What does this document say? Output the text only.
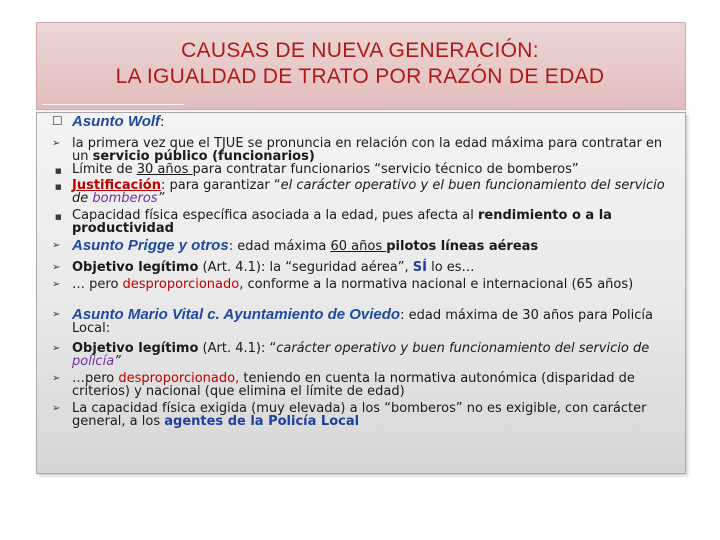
CAUSAS DE NUEVA GENERACIÓN:
LA IGUALDAD DE TRATO POR RAZÓN DE EDAD
☐ Asunto Wolf:
➢ la primera vez que el TJUE se pronuncia en relación con la edad máxima para contratar en un servicio público (funcionarios)
■ Límite de 30 años para contratar funcionarios “servicio técnico de bomberos”
■ Justificación: para garantizar “el carácter operativo y el buen funcionamiento del servicio de bomberos”
■ Capacidad física específica asociada a la edad, pues afecta al rendimiento o a la productividad
➢ Asunto Prigge y otros: edad máxima 60 años pilotos líneas aéreas
➢ Objetivo legítimo (Art. 4.1): la “seguridad aérea”, SÍ lo es…
➢ … pero desproporcionado, conforme a la normativa nacional e internacional (65 años)
➢ Asunto Mario Vital c. Ayuntamiento de Oviedo: edad máxima de 30 años para Policía Local:
➢ Objetivo legítimo (Art. 4.1): “carácter operativo y buen funcionamiento del servicio de policía”
➢ …pero desproporcionado, teniendo en cuenta la normativa autonómica (disparidad de criterios) y nacional (que elimina el límite de edad)
➢ La capacidad física exigida (muy elevada) a los “bomberos” no es exigible, con carácter general, a los agentes de la Policía Local
